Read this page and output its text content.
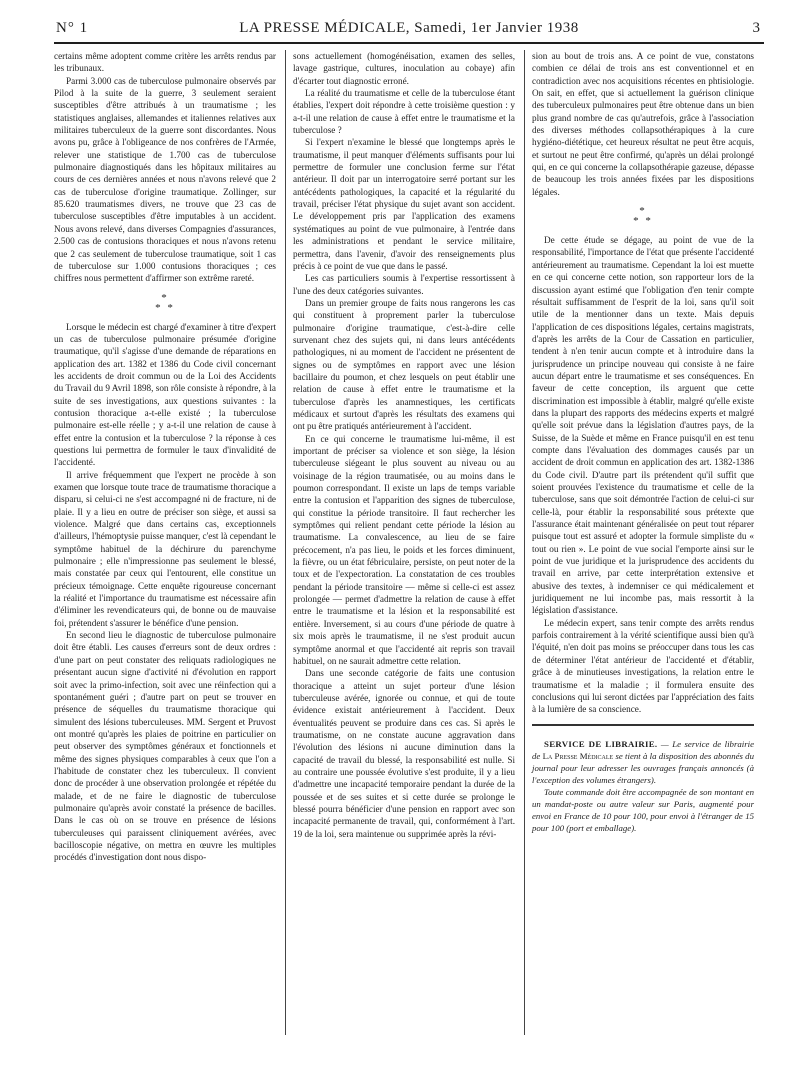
N° 1	LA PRESSE MÉDICALE, Samedi, 1er Janvier 1938	3

certains même adoptent comme critère les arrêts rendus par les tribunaux.

Parmi 3.000 cas de tuberculose pulmonaire observés par Pilod à la suite de la guerre, 3 seulement seraient susceptibles d'être attribués à un traumatisme ; les statistiques anglaises, allemandes et italiennes relatives aux militaires tuberculeux de la guerre sont discordantes. Nous avons pu, grâce à l'obligeance de nos confrères de l'Armée, relever une statistique de 1.700 cas de tuberculose pulmonaire diagnostiqués dans les hôpitaux militaires au cours de ces dernières années et nous n'avons relevé que 2 cas de tuberculose d'origine traumatique. Zollinger, sur 85.620 traumatismes divers, ne trouve que 23 cas de tuberculose susceptibles d'être imputables à un accident. Nous avons relevé, dans diverses Compagnies d'assurances, 2.500 cas de contusions thoraciques et nous n'avons retenu que 2 cas seulement de tuberculose traumatique, soit 1 cas de tuberculose sur 1.000 contusions thoraciques ; ces chiffres nous permettent d'affirmer son extrême rareté.

*
* *

Lorsque le médecin est chargé d'examiner à titre d'expert un cas de tuberculose pulmonaire présumée d'origine traumatique, qu'il s'agisse d'une demande de réparations en application des art. 1382 et 1386 du Code civil concernant les accidents de droit commun ou de la Loi des Accidents du Travail du 9 Avril 1898, son rôle consiste à répondre, à la suite de ses investigations, aux questions suivantes : la contusion thoracique a-t-elle existé ; la tuberculose pulmonaire est-elle réelle ; y a-t-il une relation de cause à effet entre la contusion et la tuberculose ? la réponse à ces questions lui permettra de formuler le taux d'invalidité de l'accidenté.

Il arrive fréquemment que l'expert ne procède à son examen que lorsque toute trace de traumatisme thoracique a disparu, si celui-ci ne s'est accompagné ni de fracture, ni de plaie. Il y a lieu en outre de préciser son siège, et aussi sa violence. Malgré que dans certains cas, exceptionnels d'ailleurs, l'hémoptysie puisse manquer, c'est là cependant le symptôme habituel de la déchirure du parenchyme pulmonaire ; elle n'impressionne pas seulement le blessé, mais constatée par ceux qui l'entourent, elle constitue un précieux témoignage. Cette enquête rigoureuse concernant la réalité et l'importance du traumatisme est nécessaire afin d'éliminer les revendicateurs qui, de bonne ou de mauvaise foi, prétendent s'assurer le bénéfice d'une pension.

En second lieu le diagnostic de tuberculose pulmonaire doit être établi. Les causes d'erreurs sont de deux ordres : d'une part on peut constater des reliquats radiologiques ne présentant aucun signe d'activité ni d'évolution en rapport soit avec la primo-infection, soit avec une réinfection qui a spontanément guéri ; d'autre part on peut se trouver en présence de séquelles du traumatisme thoracique qui simulent des lésions tuberculeuses. MM. Sergent et Pruvost ont montré qu'après les plaies de poitrine en particulier on peut observer des symptômes généraux et fonctionnels et même des signes physiques comparables à ceux que l'on a l'habitude de constater chez les tuberculeux. Il convient donc de procéder à une observation prolongée et répétée du malade, et de ne faire le diagnostic de tuberculose pulmonaire qu'après avoir constaté la présence de bacilles. Dans le cas où on se trouve en présence de lésions tuberculeuses qui paraissent cliniquement avérées, avec bacilloscopie négative, on mettra en œuvre les multiples procédés d'investigation dont nous dispo-

sons actuellement (homogénéisation, examen des selles, lavage gastrique, cultures, inoculation au cobaye) afin d'écarter tout diagnostic erroné.

La réalité du traumatisme et celle de la tuberculose étant établies, l'expert doit répondre à cette troisième question : y a-t-il une relation de cause à effet entre le traumatisme et la tuberculose ?

Si l'expert n'examine le blessé que longtemps après le traumatisme, il peut manquer d'éléments suffisants pour lui permettre de formuler une conclusion ferme sur l'état antérieur. Il doit par un interrogatoire serré portant sur les antécédents pathologiques, la capacité et la régularité du travail, préciser l'état physique du sujet avant son accident. Le développement pris par l'application des examens systématiques au point de vue pulmonaire, à l'entrée dans les administrations et pendant le service militaire, permettra, dans l'avenir, d'avoir des renseignements plus précis à ce point de vue que dans le passé.

Les cas particuliers soumis à l'expertise ressortissent à l'une des deux catégories suivantes.

Dans un premier groupe de faits nous rangerons les cas qui constituent à proprement parler la tuberculose pulmonaire d'origine traumatique, c'est-à-dire celle survenant chez des sujets qui, ni dans leurs antécédents pathologiques, ni au moment de l'accident ne présentent de signes ou de symptômes en rapport avec une lésion bacillaire du poumon, et chez lesquels on peut établir une relation de cause à effet entre le traumatisme et la tuberculose d'après les anamnestiques, les certificats médicaux et surtout d'après les résultats des examens qui ont pu être pratiqués antérieurement à l'accident.

En ce qui concerne le traumatisme lui-même, il est important de préciser sa violence et son siège, la lésion tuberculeuse siégeant le plus souvent au niveau ou au voisinage de la région traumatisée, ou au moins dans le poumon correspondant. Il existe un laps de temps variable entre la contusion et l'apparition des signes de tuberculose, qui constitue la période transitoire. Il faut rechercher les symptômes qui relient pendant cette période la lésion au traumatisme. La convalescence, au lieu de se faire précocement, n'a pas lieu, le poids et les forces diminuent, la fièvre, ou un état fébriculaire, persiste, on peut noter de la toux et de l'expectoration. La constatation de ces troubles pendant la période transitoire — même si celle-ci est assez prolongée — permet d'admettre la relation de cause à effet entre le traumatisme et la lésion et la responsabilité est entière. Inversement, si au cours d'une période de quatre à six mois après le traumatisme, il ne s'est produit aucun symptôme anormal et que l'accidenté ait repris son travail habituel, on ne saurait admettre cette relation.

Dans une seconde catégorie de faits une contusion thoracique a atteint un sujet porteur d'une lésion tuberculeuse avérée, ignorée ou connue, et qui de toute évidence existait antérieurement à l'accident. Deux éventualités peuvent se produire dans ces cas. Si après le traumatisme, on ne constate aucune aggravation dans l'évolution des lésions ni aucune diminution dans la capacité de travail du blessé, la responsabilité est nulle. Si au contraire une poussée évolutive s'est produite, il y a lieu d'admettre une incapacité temporaire pendant la durée de la poussée et de ses suites et si cette durée se prolonge le blessé pourra bénéficier d'une pension en rapport avec son incapacité permanente de travail, qui, conformément à l'art. 19 de la loi, sera maintenue ou supprimée après la révi-

sion au bout de trois ans. A ce point de vue, constatons combien ce délai de trois ans est conventionnel et en contradiction avec nos acquisitions récentes en phtisiologie. On sait, en effet, que si actuellement la guérison clinique des tuberculeux pulmonaires peut être obtenue dans un bien plus grand nombre de cas qu'autrefois, grâce à l'association des diverses méthodes collapsothérapiques à la cure hygiéno-diététique, cet heureux résultat ne peut être acquis, et surtout ne peut être confirmé, qu'après un délai prolongé qui, en ce qui concerne la collapsothérapie gazeuse, dépasse de beaucoup les trois années fixées par les dispositions légales.

*
* *

De cette étude se dégage, au point de vue de la responsabilité, l'importance de l'état que présente l'accidenté antérieurement au traumatisme. Cependant la loi est muette en ce qui concerne cette notion, son rapporteur lors de la discussion ayant estimé que l'obligation d'en tenir compte résultait suffisamment de l'esprit de la loi, sans qu'il soit utile de la mentionner dans un texte. Mais depuis l'application de ces dispositions légales, certains magistrats, d'après les arrêts de la Cour de Cassation en particulier, tendent à n'en tenir aucun compte et à introduire dans la jurisprudence un principe nouveau qui consiste à ne faire aucun départ entre le traumatisme et ses conséquences. En faveur de cette conception, ils arguent que cette discrimination est impossible à établir, malgré qu'elle existe dans la plupart des rapports des médecins experts et malgré qu'elle soit prévue dans la législation d'autres pays, de la Suisse, de la Suède et même en France puisqu'il en est tenu compte dans l'évaluation des dommages causés par un accident de droit commun en application des art. 1382-1386 du Code civil. D'autre part ils prétendent qu'il suffit que soient prouvées l'existence du traumatisme et celle de la tuberculose, sans que soit démontrée l'action de celui-ci sur celle-là, pour établir la responsabilité sous prétexte que l'assurance était maintenant généralisée on peut tout réparer puisque tout est assuré et adopter la formule simpliste du « tout ou rien ». Le point de vue social l'emporte ainsi sur le point de vue juridique et la jurisprudence des accidents du travail en arrive, par cette interprétation extensive et abusive des textes, à indemniser ce qui médicalement et juridiquement ne lui incombe pas, mais ressortit à la législation d'assistance.

Le médecin expert, sans tenir compte des arrêts rendus parfois contrairement à la vérité scientifique aussi bien qu'à l'équité, n'en doit pas moins se préoccuper dans tous les cas de déterminer l'état antérieur de l'accidenté et d'établir, grâce à de minutieuses investigations, la relation entre le traumatisme et la maladie ; il formulera ensuite des conclusions qui lui seront dictées par l'appréciation des faits à la lumière de sa conscience.

SERVICE DE LIBRAIRIE. — Le service de librairie de La Presse Médicale se tient à la disposition des abonnés du journal pour leur adresser les ouvrages français annoncés (à l'exception des volumes étrangers).

Toute commande doit être accompagnée de son montant en un mandat-poste ou autre valeur sur Paris, augmenté pour envoi en France de 10 pour 100, pour envoi à l'étranger de 15 pour 100 (port et emballage).
